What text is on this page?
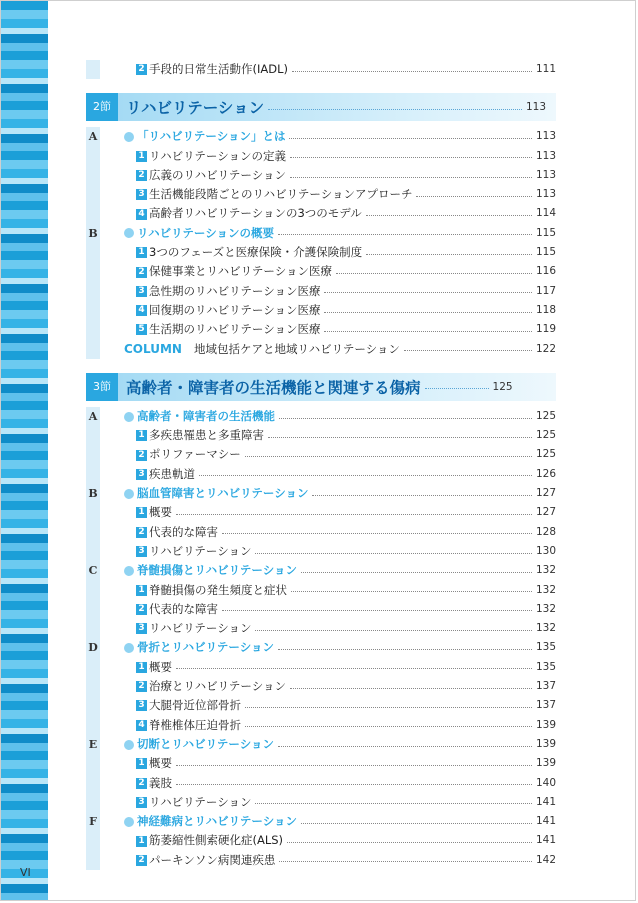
2 手段的日常生活動作(IADL)	111
2節 リハビリテーション	113
A	「リハビリテーション」とは	113
1 リハビリテーションの定義	113
2 広義のリハビリテーション	113
3 生活機能段階ごとのリハビリテーションアプローチ	113
4 高齢者リハビリテーションの3つのモデル	114
B	リハビリテーションの概要	115
1 3つのフェーズと医療保険・介護保険制度	115
2 保健事業とリハビリテーション医療	116
3 急性期のリハビリテーション医療	117
4 回復期のリハビリテーション医療	118
5 生活期のリハビリテーション医療	119
COLUMN 地域包括ケアと地域リハビリテーション	122
3節 高齢者・障害者の生活機能と関連する傷病	125
A	高齢者・障害者の生活機能	125
1 多疾患罹患と多重障害	125
2 ポリファーマシー	125
3 疾患軌道	126
B	脳血管障害とリハビリテーション	127
1 概要	127
2 代表的な障害	128
3 リハビリテーション	130
C	脊髄損傷とリハビリテーション	132
1 脊髄損傷の発生頻度と症状	132
2 代表的な障害	132
3 リハビリテーション	132
D	骨折とリハビリテーション	135
1 概要	135
2 治療とリハビリテーション	137
3 大腿骨近位部骨折	137
4 脊椎椎体圧迫骨折	139
E	切断とリハビリテーション	139
1 概要	139
2 義肢	140
3 リハビリテーション	141
F	神経難病とリハビリテーション	141
1 筋萎縮性側索硬化症(ALS)	141
2 パーキンソン病関連疾患	142
VI
